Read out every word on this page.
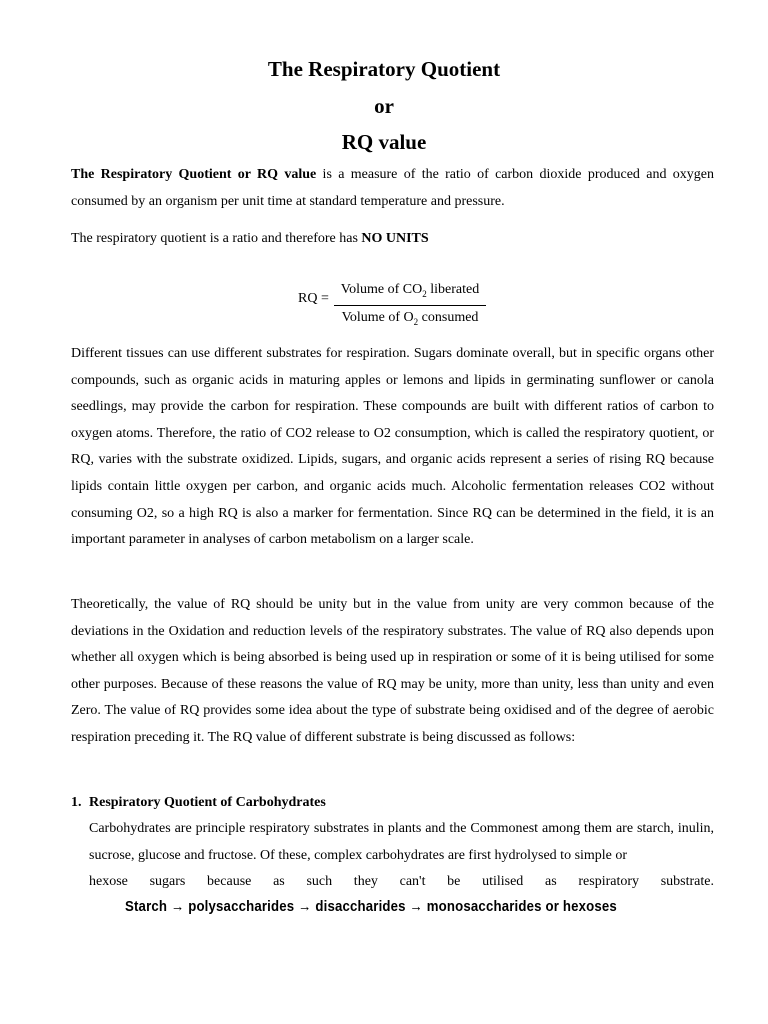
The Respiratory Quotient
or
RQ value

The Respiratory Quotient or RQ value is a measure of the ratio of carbon dioxide produced and oxygen consumed by an organism per unit time at standard temperature and pressure.

The respiratory quotient is a ratio and therefore has NO UNITS

RQ =
Volume of $CO_2$ liberated
Volume of $O_2$ consumed

Different tissues can use different substrates for respiration. Sugars dominate overall, but in specific organs other compounds, such as organic acids in maturing apples or lemons and lipids in germinating sunflower or canola seedlings, may provide the carbon for respiration. These compounds are built with different ratios of carbon to oxygen atoms. Therefore, the ratio of CO2 release to O2 consumption, which is called the respiratory quotient, or RQ, varies with the substrate oxidized. Lipids, sugars, and organic acids represent a series of rising RQ because lipids contain little oxygen per carbon, and organic acids much. Alcoholic fermentation releases CO2 without consuming O2, so a high RQ is also a marker for fermentation. Since RQ can be determined in the field, it is an important parameter in analyses of carbon metabolism on a larger scale.

Theoretically, the value of RQ should be unity but in the value from unity are very common because of the deviations in the Oxidation and reduction levels of the respiratory substrates. The value of RQ also depends upon whether all oxygen which is being absorbed is being used up in respiration or some of it is being utilised for some other purposes. Because of these reasons the value of RQ may be unity, more than unity, less than unity and even Zero. The value of RQ provides some idea about the type of substrate being oxidised and of the degree of aerobic respiration preceding it. The RQ value of different substrate is being discussed as follows:

1. Respiratory Quotient of Carbohydrates

Carbohydrates are principle respiratory substrates in plants and the Commonest among them are starch, inulin, sucrose, glucose and fructose. Of these, complex carbohydrates are first hydrolysed to simple or
hexose sugars because as such they can't be utilised as respiratory substrate.

Starch → polysaccharides → disaccharides → monosaccharides or hexoses
